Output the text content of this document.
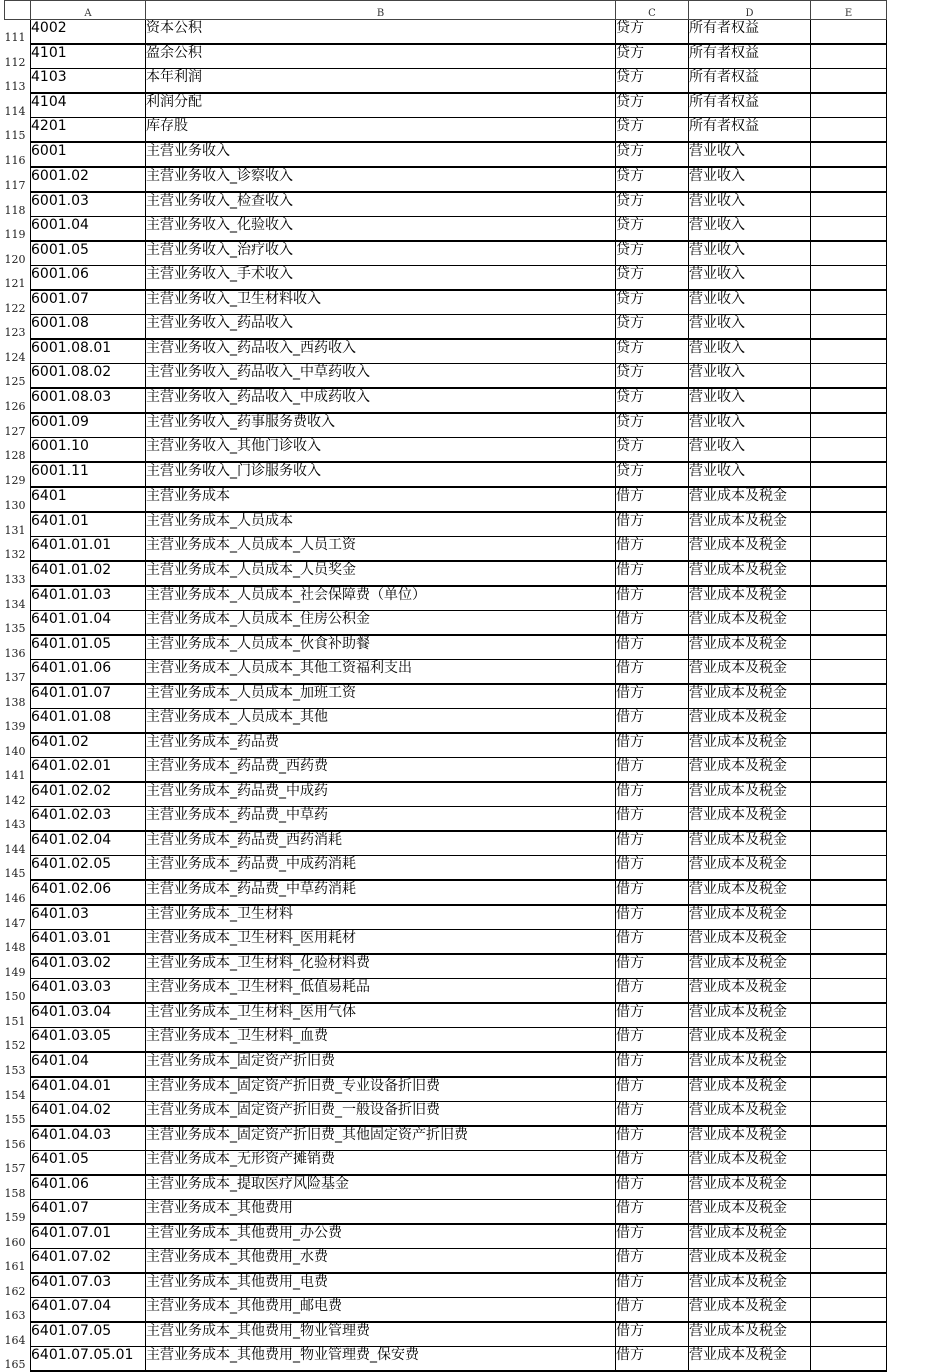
	A	B	C	D	E
111	4002	资本公积	贷方	所有者权益	
112	4101	盈余公积	贷方	所有者权益	
113	4103	本年利润	贷方	所有者权益	
114	4104	利润分配	贷方	所有者权益	
115	4201	库存股	贷方	所有者权益	
116	6001	主营业务收入	贷方	营业收入	
117	6001.02	主营业务收入_诊察收入	贷方	营业收入	
118	6001.03	主营业务收入_检查收入	贷方	营业收入	
119	6001.04	主营业务收入_化验收入	贷方	营业收入	
120	6001.05	主营业务收入_治疗收入	贷方	营业收入	
121	6001.06	主营业务收入_手术收入	贷方	营业收入	
122	6001.07	主营业务收入_卫生材料收入	贷方	营业收入	
123	6001.08	主营业务收入_药品收入	贷方	营业收入	
124	6001.08.01	主营业务收入_药品收入_西药收入	贷方	营业收入	
125	6001.08.02	主营业务收入_药品收入_中草药收入	贷方	营业收入	
126	6001.08.03	主营业务收入_药品收入_中成药收入	贷方	营业收入	
127	6001.09	主营业务收入_药事服务费收入	贷方	营业收入	
128	6001.10	主营业务收入_其他门诊收入	贷方	营业收入	
129	6001.11	主营业务收入_门诊服务收入	贷方	营业收入	
130	6401	主营业务成本	借方	营业成本及税金	
131	6401.01	主营业务成本_人员成本	借方	营业成本及税金	
132	6401.01.01	主营业务成本_人员成本_人员工资	借方	营业成本及税金	
133	6401.01.02	主营业务成本_人员成本_人员奖金	借方	营业成本及税金	
134	6401.01.03	主营业务成本_人员成本_社会保障费（单位）	借方	营业成本及税金	
135	6401.01.04	主营业务成本_人员成本_住房公积金	借方	营业成本及税金	
136	6401.01.05	主营业务成本_人员成本_伙食补助餐	借方	营业成本及税金	
137	6401.01.06	主营业务成本_人员成本_其他工资福利支出	借方	营业成本及税金	
138	6401.01.07	主营业务成本_人员成本_加班工资	借方	营业成本及税金	
139	6401.01.08	主营业务成本_人员成本_其他	借方	营业成本及税金	
140	6401.02	主营业务成本_药品费	借方	营业成本及税金	
141	6401.02.01	主营业务成本_药品费_西药费	借方	营业成本及税金	
142	6401.02.02	主营业务成本_药品费_中成药	借方	营业成本及税金	
143	6401.02.03	主营业务成本_药品费_中草药	借方	营业成本及税金	
144	6401.02.04	主营业务成本_药品费_西药消耗	借方	营业成本及税金	
145	6401.02.05	主营业务成本_药品费_中成药消耗	借方	营业成本及税金	
146	6401.02.06	主营业务成本_药品费_中草药消耗	借方	营业成本及税金	
147	6401.03	主营业务成本_卫生材料	借方	营业成本及税金	
148	6401.03.01	主营业务成本_卫生材料_医用耗材	借方	营业成本及税金	
149	6401.03.02	主营业务成本_卫生材料_化验材料费	借方	营业成本及税金	
150	6401.03.03	主营业务成本_卫生材料_低值易耗品	借方	营业成本及税金	
151	6401.03.04	主营业务成本_卫生材料_医用气体	借方	营业成本及税金	
152	6401.03.05	主营业务成本_卫生材料_血费	借方	营业成本及税金	
153	6401.04	主营业务成本_固定资产折旧费	借方	营业成本及税金	
154	6401.04.01	主营业务成本_固定资产折旧费_专业设备折旧费	借方	营业成本及税金	
155	6401.04.02	主营业务成本_固定资产折旧费_一般设备折旧费	借方	营业成本及税金	
156	6401.04.03	主营业务成本_固定资产折旧费_其他固定资产折旧费	借方	营业成本及税金	
157	6401.05	主营业务成本_无形资产摊销费	借方	营业成本及税金	
158	6401.06	主营业务成本_提取医疗风险基金	借方	营业成本及税金	
159	6401.07	主营业务成本_其他费用	借方	营业成本及税金	
160	6401.07.01	主营业务成本_其他费用_办公费	借方	营业成本及税金	
161	6401.07.02	主营业务成本_其他费用_水费	借方	营业成本及税金	
162	6401.07.03	主营业务成本_其他费用_电费	借方	营业成本及税金	
163	6401.07.04	主营业务成本_其他费用_邮电费	借方	营业成本及税金	
164	6401.07.05	主营业务成本_其他费用_物业管理费	借方	营业成本及税金	
165	6401.07.05.01	主营业务成本_其他费用_物业管理费_保安费	借方	营业成本及税金	
